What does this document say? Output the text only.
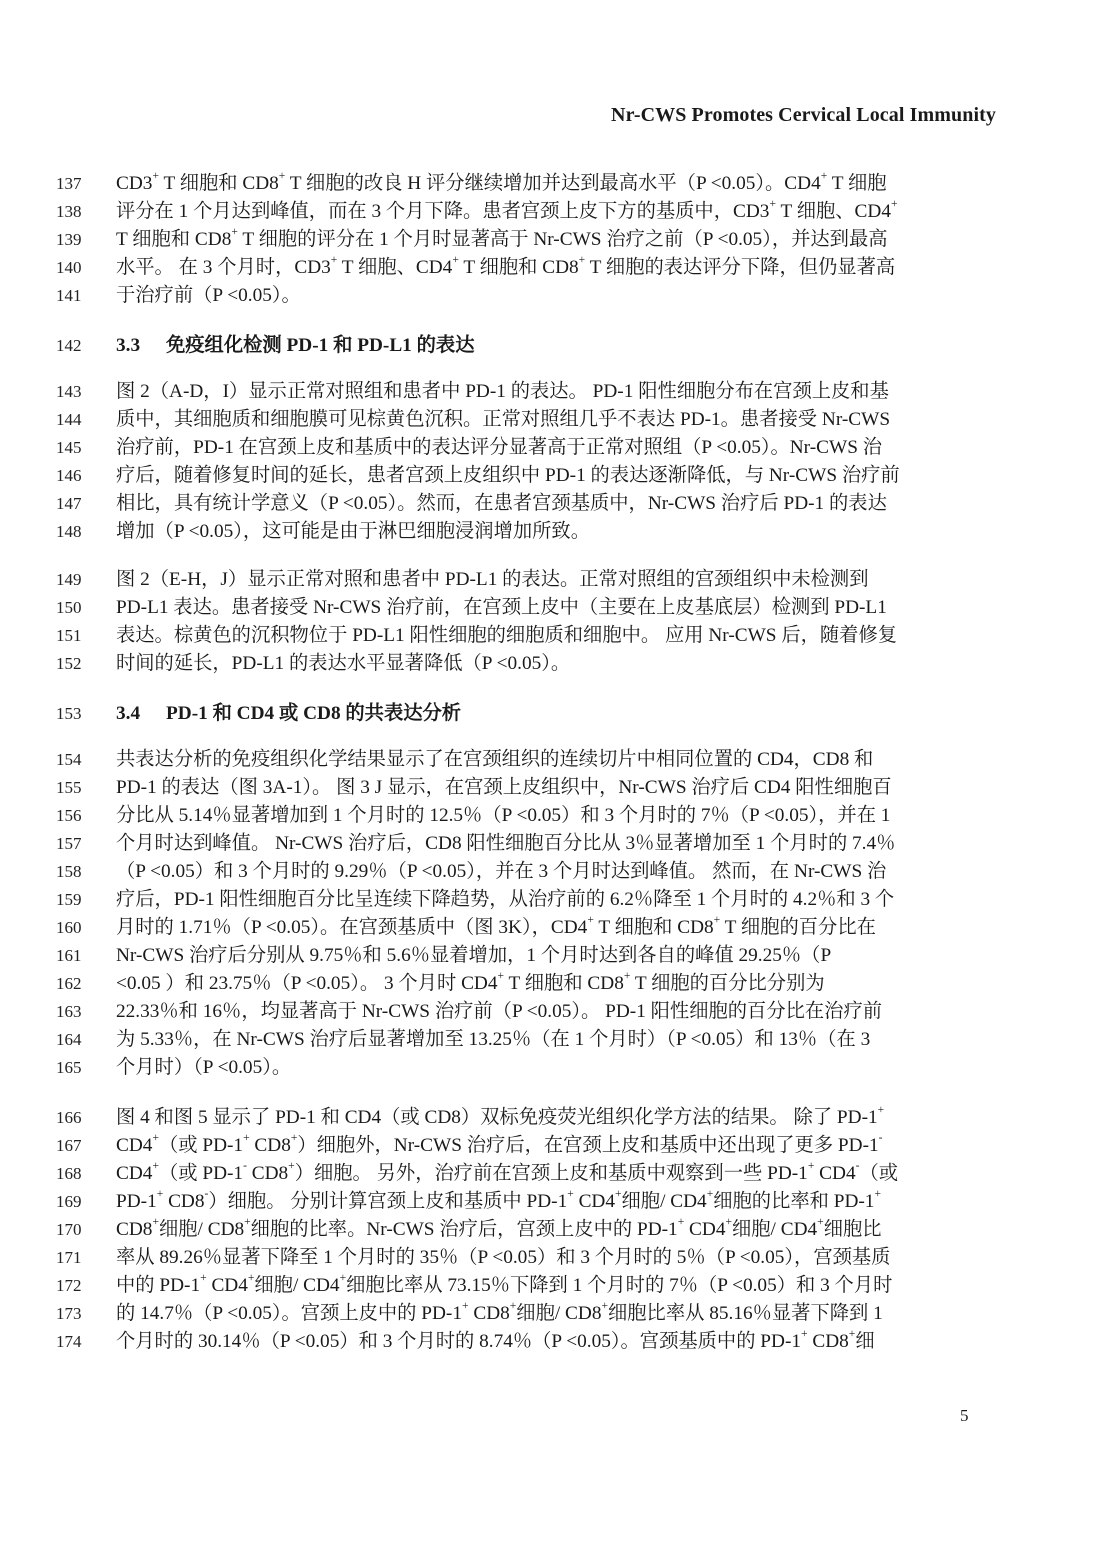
Nr-CWS Promotes Cervical Local Immunity
137	CD3+ T 细胞和 CD8+ T 细胞的改良 H 评分继续增加并达到最高水平（P <0.05）。CD4+ T 细胞
138	评分在 1 个月达到峰值，而在 3 个月下降。患者宫颈上皮下方的基质中，CD3+ T 细胞、CD4+
139	T 细胞和 CD8+ T 细胞的评分在 1 个月时显著高于 Nr-CWS 治疗之前（P <0.05），并达到最高
140	水平。 在 3 个月时，CD3+ T 细胞、CD4+ T 细胞和 CD8+ T 细胞的表达评分下降，但仍显著高
141	于治疗前（P <0.05）。
142	3.3 免疫组化检测 PD-1 和 PD-L1 的表达
143	图 2（A-D，I）显示正常对照组和患者中 PD-1 的表达。 PD-1 阳性细胞分布在宫颈上皮和基
144	质中，其细胞质和细胞膜可见棕黄色沉积。正常对照组几乎不表达 PD-1。患者接受 Nr-CWS
145	治疗前，PD-1 在宫颈上皮和基质中的表达评分显著高于正常对照组（P <0.05）。Nr-CWS 治
146	疗后，随着修复时间的延长，患者宫颈上皮组织中 PD-1 的表达逐渐降低，与 Nr-CWS 治疗前
147	相比，具有统计学意义（P <0.05）。然而，在患者宫颈基质中，Nr-CWS 治疗后 PD-1 的表达
148	增加（P <0.05），这可能是由于淋巴细胞浸润增加所致。
149	图 2（E-H，J）显示正常对照和患者中 PD-L1 的表达。正常对照组的宫颈组织中未检测到
150	PD-L1 表达。患者接受 Nr-CWS 治疗前，在宫颈上皮中（主要在上皮基底层）检测到 PD-L1
151	表达。棕黄色的沉积物位于 PD-L1 阳性细胞的细胞质和细胞中。 应用 Nr-CWS 后，随着修复
152	时间的延长，PD-L1 的表达水平显著降低（P <0.05）。
153	3.4 PD-1 和 CD4 或 CD8 的共表达分析
154	共表达分析的免疫组织化学结果显示了在宫颈组织的连续切片中相同位置的 CD4，CD8 和
155	PD-1 的表达（图 3A-1）。 图 3 J 显示，在宫颈上皮组织中，Nr-CWS 治疗后 CD4 阳性细胞百
156	分比从 5.14％显著增加到 1 个月时的 12.5％（P <0.05）和 3 个月时的 7％（P <0.05），并在 1
157	个月时达到峰值。 Nr-CWS 治疗后，CD8 阳性细胞百分比从 3％显著增加至 1 个月时的 7.4％
158	（P <0.05）和 3 个月时的 9.29％（P <0.05），并在 3 个月时达到峰值。 然而，在 Nr-CWS 治
159	疗后，PD-1 阳性细胞百分比呈连续下降趋势，从治疗前的 6.2％降至 1 个月时的 4.2％和 3 个
160	月时的 1.71％（P <0.05）。在宫颈基质中（图 3K），CD4+ T 细胞和 CD8+ T 细胞的百分比在
161	Nr-CWS 治疗后分别从 9.75％和 5.6％显着增加，1 个月时达到各自的峰值 29.25％（P
162	<0.05 ）和 23.75％（P <0.05）。 3 个月时 CD4+ T 细胞和 CD8+ T 细胞的百分比分别为
163	22.33％和 16％，均显著高于 Nr-CWS 治疗前（P <0.05）。 PD-1 阳性细胞的百分比在治疗前
164	为 5.33％，在 Nr-CWS 治疗后显著增加至 13.25％（在 1 个月时）（P <0.05）和 13％（在 3
165	个月时）（P <0.05）。
166	图 4 和图 5 显示了 PD-1 和 CD4（或 CD8）双标免疫荧光组织化学方法的结果。 除了 PD-1+
167	CD4+（或 PD-1+ CD8+）细胞外，Nr-CWS 治疗后，在宫颈上皮和基质中还出现了更多 PD-1-
168	CD4+（或 PD-1- CD8+）细胞。 另外，治疗前在宫颈上皮和基质中观察到一些 PD-1+ CD4-（或
169	PD-1+ CD8-）细胞。 分别计算宫颈上皮和基质中 PD-1+ CD4+细胞/ CD4+细胞的比率和 PD-1+
170	CD8+细胞/ CD8+细胞的比率。Nr-CWS 治疗后，宫颈上皮中的 PD-1+ CD4+细胞/ CD4+细胞比
171	率从 89.26％显著下降至 1 个月时的 35％（P <0.05）和 3 个月时的 5％（P <0.05），宫颈基质
172	中的 PD-1+ CD4+细胞/ CD4+细胞比率从 73.15％下降到 1 个月时的 7％（P <0.05）和 3 个月时
173	的 14.7％（P <0.05）。宫颈上皮中的 PD-1+ CD8+细胞/ CD8+细胞比率从 85.16％显著下降到 1
174	个月时的 30.14％（P <0.05）和 3 个月时的 8.74％（P <0.05）。宫颈基质中的 PD-1+ CD8+细
5
